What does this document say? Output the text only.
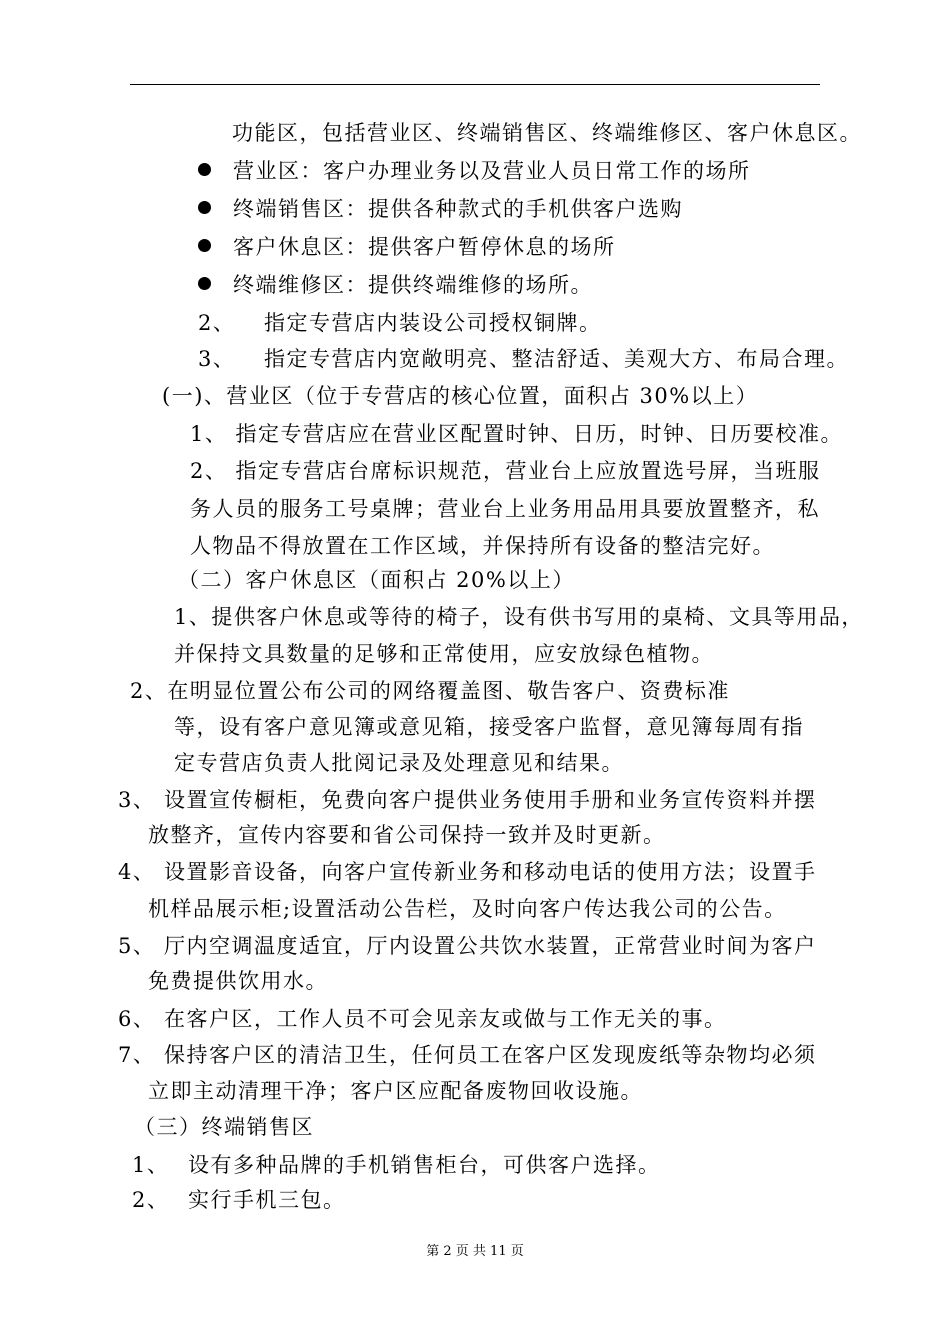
功能区，包括营业区、终端销售区、终端维修区、客户休息区。
营业区：客户办理业务以及营业人员日常工作的场所
终端销售区：提供各种款式的手机供客户选购
客户休息区：提供客户暂停休息的场所
终端维修区：提供终端维修的场所。
2、 指定专营店内装设公司授权铜牌。
3、 指定专营店内宽敞明亮、整洁舒适、美观大方、布局合理。
(一)、营业区（位于专营店的核心位置，面积占 30%以上）
1、 指定专营店应在营业区配置时钟、日历，时钟、日历要校准。
2、 指定专营店台席标识规范，营业台上应放置选号屏，当班服
务人员的服务工号桌牌；营业台上业务用品用具要放置整齐，私
人物品不得放置在工作区域，并保持所有设备的整洁完好。
（二）客户休息区（面积占 20%以上）
1、提供客户休息或等待的椅子，设有供书写用的桌椅、文具等用品，
并保持文具数量的足够和正常使用，应安放绿色植物。
2、在明显位置公布公司的网络覆盖图、敬告客户、资费标准
等，设有客户意见簿或意见箱，接受客户监督，意见簿每周有指
定专营店负责人批阅记录及处理意见和结果。
3、 设置宣传橱柜，免费向客户提供业务使用手册和业务宣传资料并摆
放整齐，宣传内容要和省公司保持一致并及时更新。
4、 设置影音设备，向客户宣传新业务和移动电话的使用方法；设置手
机样品展示柜;设置活动公告栏，及时向客户传达我公司的公告。
5、 厅内空调温度适宜，厅内设置公共饮水装置，正常营业时间为客户
免费提供饮用水。
6、 在客户区，工作人员不可会见亲友或做与工作无关的事。
7、 保持客户区的清洁卫生，任何员工在客户区发现废纸等杂物均必须
立即主动清理干净；客户区应配备废物回收设施。
（三）终端销售区
1、 设有多种品牌的手机销售柜台，可供客户选择。
2、 实行手机三包。
第 2 页 共 11 页
